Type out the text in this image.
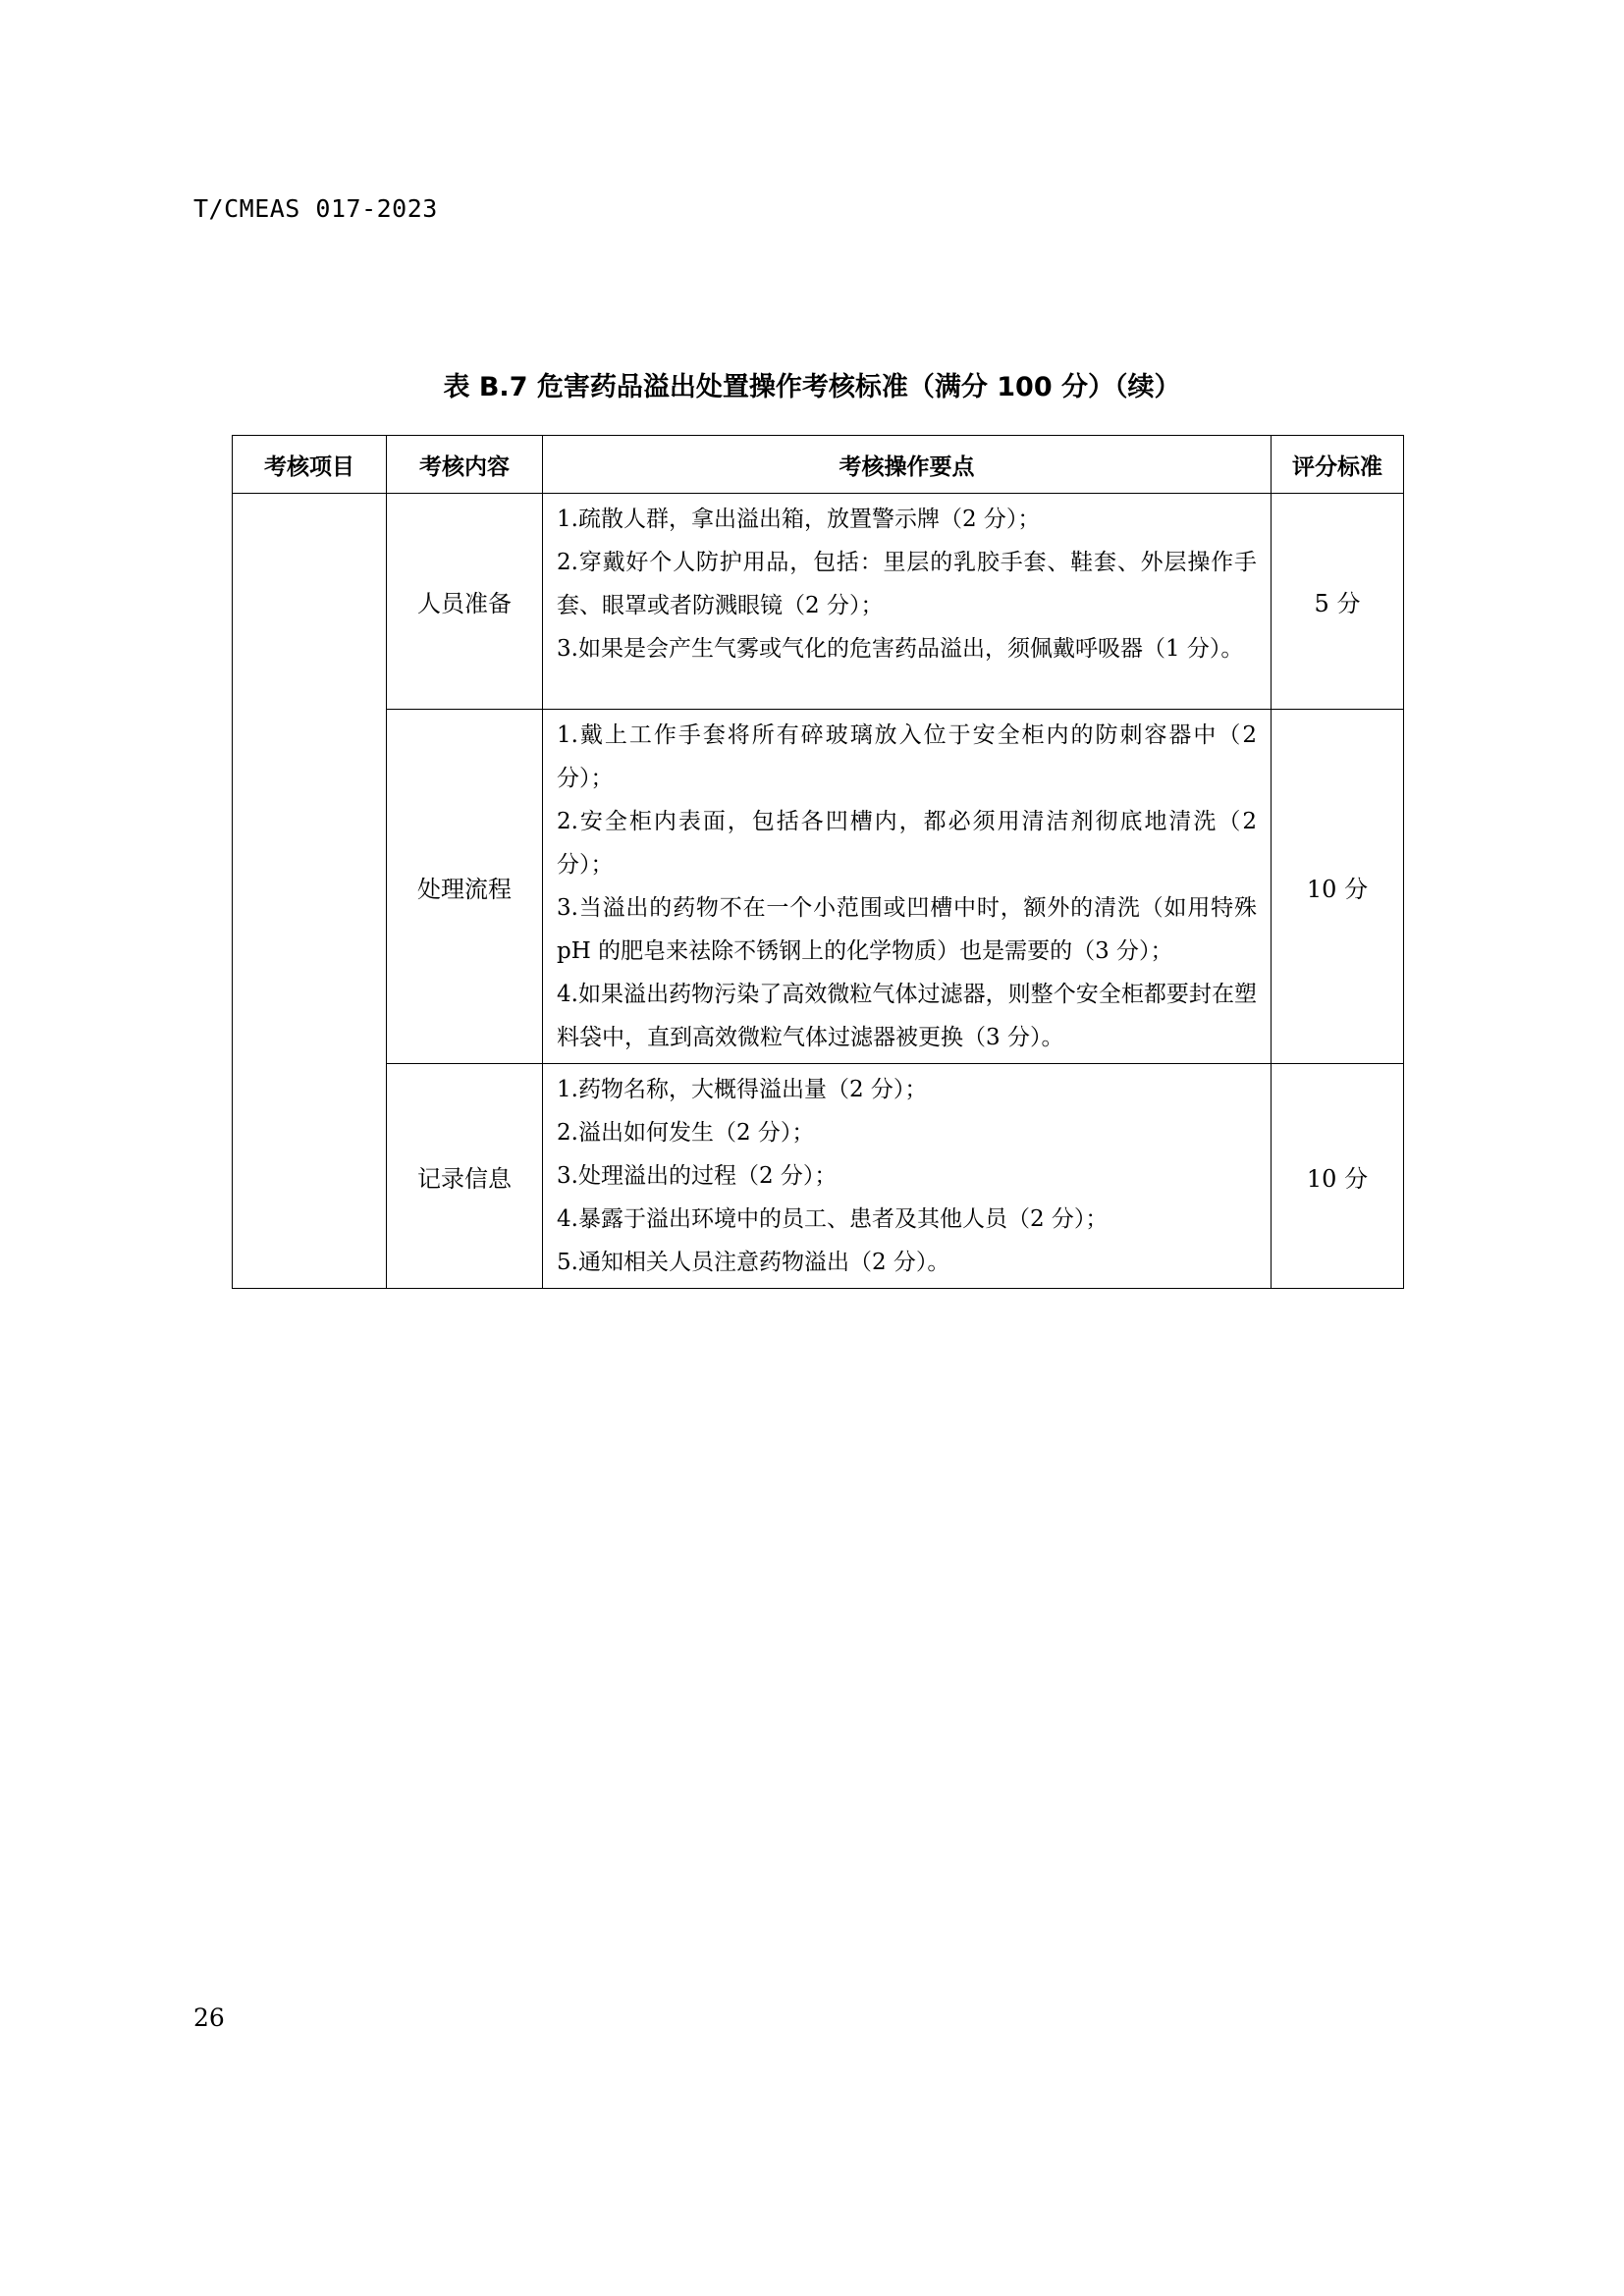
T/CMEAS 017-2023
表 B.7 危害药品溢出处置操作考核标准（满分 100 分）（续）
考核项目	考核内容	考核操作要点	评分标准
	人员准备	1.疏散人群，拿出溢出箱，放置警示牌（2 分）；
2.穿戴好个人防护用品，包括：里层的乳胶手套、鞋套、外层操作手套、眼罩或者防溅眼镜（2 分）；
3.如果是会产生气雾或气化的危害药品溢出，须佩戴呼吸器（1 分）。	5 分
	处理流程	1.戴上工作手套将所有碎玻璃放入位于安全柜内的防刺容器中（2 分）；
2.安全柜内表面，包括各凹槽内，都必须用清洁剂彻底地清洗（2 分）；
3.当溢出的药物不在一个小范围或凹槽中时，额外的清洗（如用特殊 pH 的肥皂来祛除不锈钢上的化学物质）也是需要的（3 分）；
4.如果溢出药物污染了高效微粒气体过滤器，则整个安全柜都要封在塑料袋中，直到高效微粒气体过滤器被更换（3 分）。	10 分
	记录信息	1.药物名称，大概得溢出量（2 分）；
2.溢出如何发生（2 分）；
3.处理溢出的过程（2 分）；
4.暴露于溢出环境中的员工、患者及其他人员（2 分）；
5.通知相关人员注意药物溢出（2 分）。	10 分
26
